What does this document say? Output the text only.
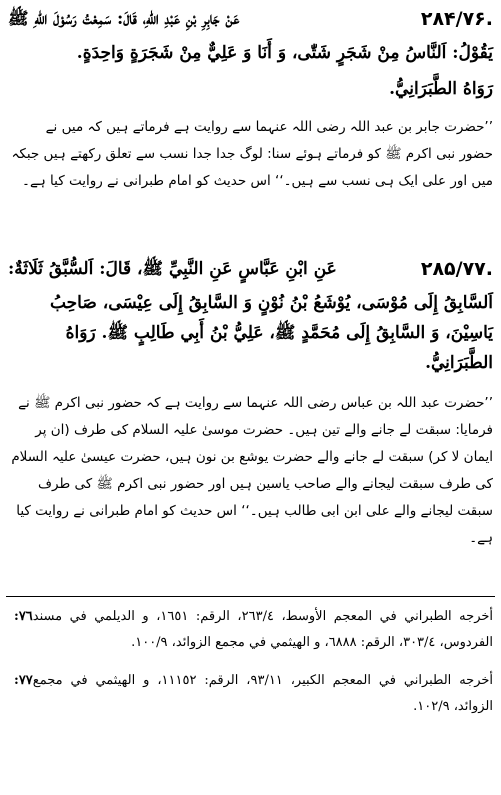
عَنْ جَابِرِ بْنِ عَبْدِ اللهِ، قَالَ: سَمِعْتُ رَسُوْلَ اللهِ ﷺ	۲۸۴/۷۶.
يَقُوْلُ: اَلنَّاسُ مِنْ شَجَرٍ شَتّٰى، وَ أَنَا وَ عَلِيٌّ مِنْ شَجَرَةٍ وَاحِدَةٍ.
رَوَاهُ الطَّبَرَانِيُّ.
’’حضرت جابر بن عبد اللہ رضی اللہ عنہما سے روایت ہے فرماتے ہیں کہ میں نے حضور نبی اکرم ﷺ کو فرماتے ہوئے سنا: لوگ جدا جدا نسب سے تعلق رکھتے ہیں جبکہ میں اور علی ایک ہی نسب سے ہیں۔‘‘ اس حدیث کو امام طبرانی نے روایت کیا ہے۔
عَنِ ابْنِ عَبَّاسٍ عَنِ النَّبِيِّ ﷺ، قَالَ: اَلسُّبَّقُ ثَلَاثَةٌ:	۲۸۵/۷۷.
اَلسَّابِقُ إِلَى مُوْسَى، يُوْشَعُ بْنُ نُوْنٍ وَ السَّابِقُ إِلَى عِيْسَى، صَاحِبُ يَاسِيْنَ، وَ السَّابِقُ إِلَى مُحَمَّدٍ ﷺ، عَلِيُّ بْنُ أَبِي طَالِبٍ ﷺ. رَوَاهُ الطَّبَرَانِيُّ.
’’حضرت عبد اللہ بن عباس رضی اللہ عنہما سے روایت ہے کہ حضور نبی اکرم ﷺ نے فرمایا: سبقت لے جانے والے تین ہیں۔ حضرت موسیٰ علیہ السلام کی طرف (ان پر ایمان لا کر) سبقت لے جانے والے حضرت یوشع بن نون ہیں، حضرت عیسیٰ علیہ السلام کی طرف سبقت لیجانے والے صاحب یاسین ہیں اور حضور نبی اکرم ﷺ کی طرف سبقت لیجانے والے علی ابن ابی طالب ہیں۔‘‘ اس حدیث کو امام طبرانی نے روایت کیا ہے۔
٧٦: أخرجه الطبراني في المعجم الأوسط، ٢٦٣/٤، الرقم: ١٦٥١، و الديلمي في مسند الفردوس، ٣٠٣/٤، الرقم: ٦٨٨٨، و الهيثمي في مجمع الزوائد، ١٠٠/٩.
٧٧: أخرجه الطبراني في المعجم الكبير، ٩٣/١١، الرقم: ١١١٥٢، و الهيثمي في مجمع الزوائد، ١٠٢/٩.
